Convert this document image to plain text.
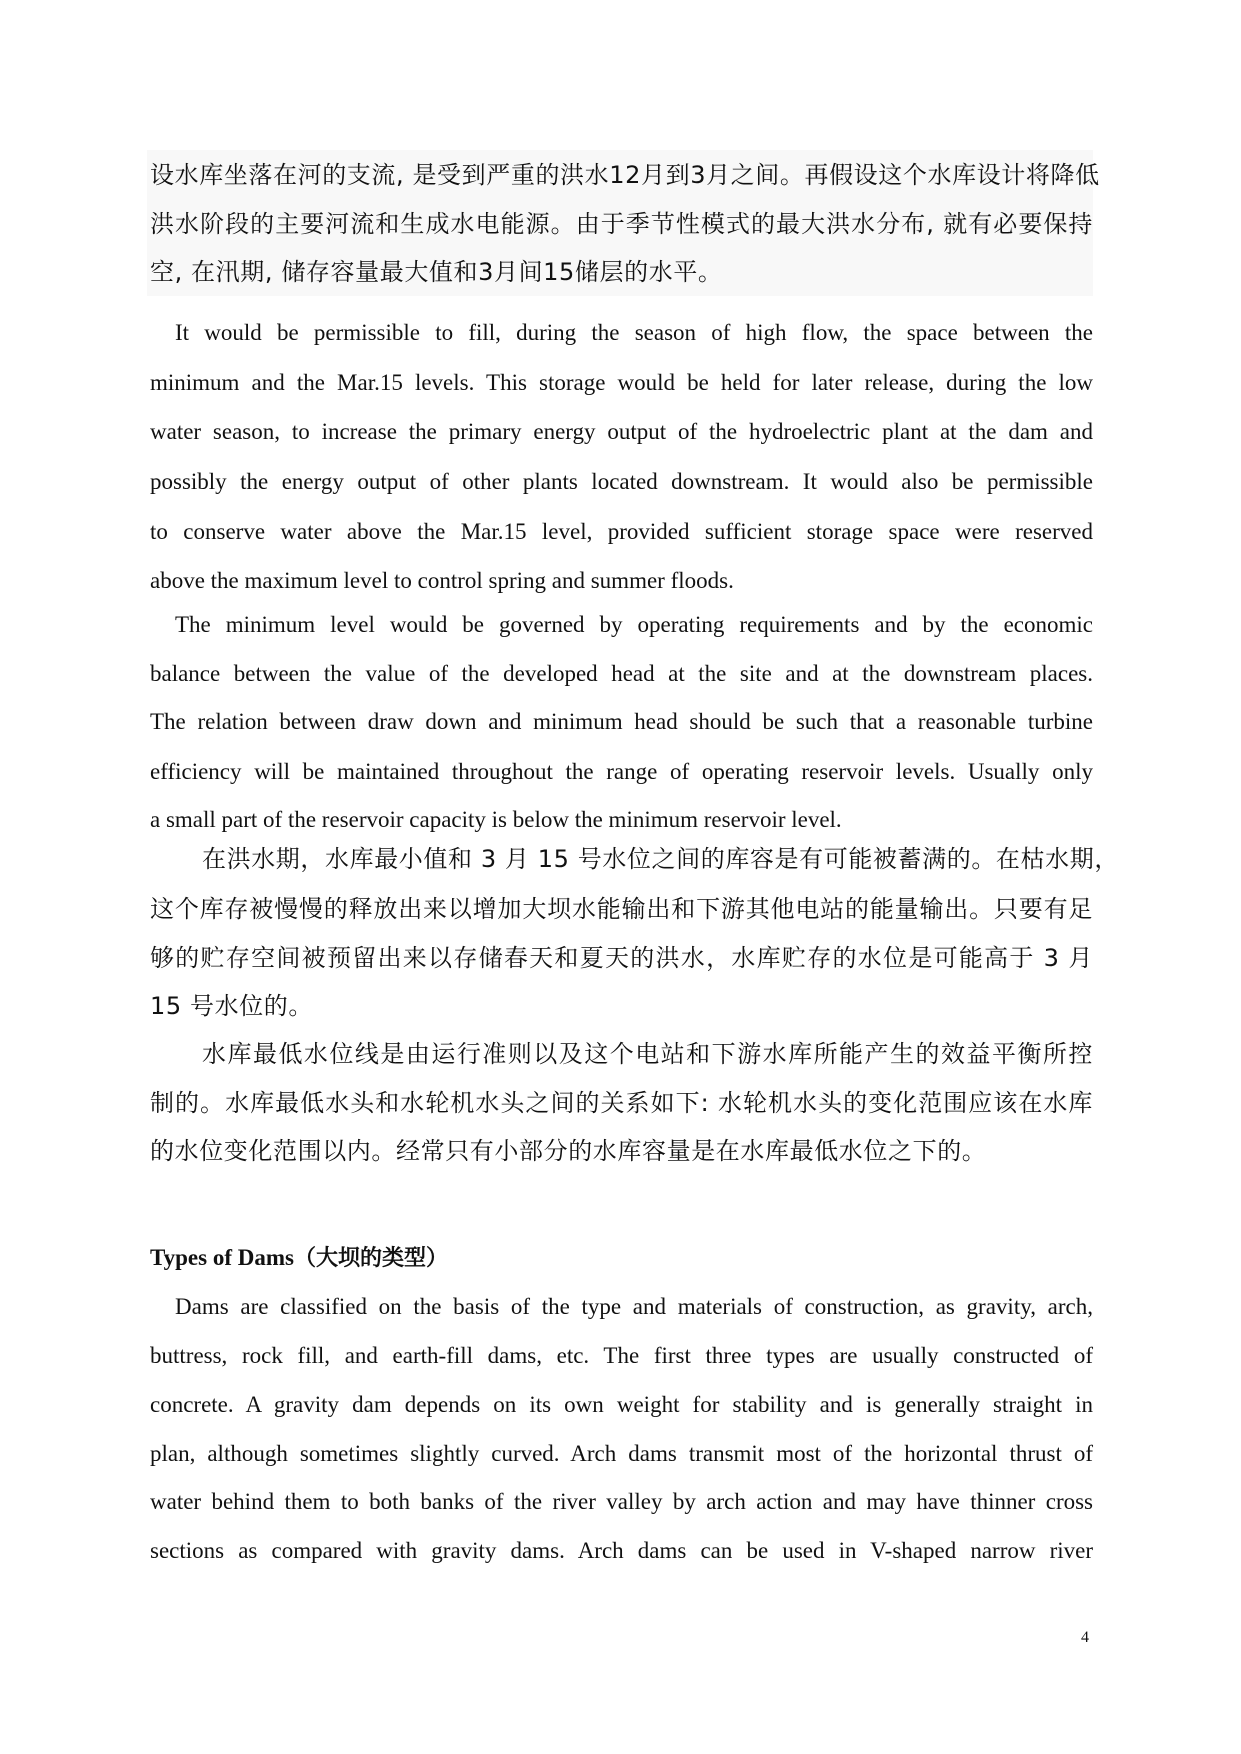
设水库坐落在河的支流, 是受到严重的洪水12月到3月之间。再假设这个水库设计将降低
洪水阶段的主要河流和生成水电能源。由于季节性模式的最大洪水分布, 就有必要保持
空, 在汛期, 储存容量最大值和3月间15储层的水平。
It would be permissible to fill, during the season of high flow, the space between the
minimum and the Mar.15 levels. This storage would be held for later release, during the low
water season, to increase the primary energy output of the hydroelectric plant at the dam and
possibly the energy output of other plants located downstream. It would also be permissible
to conserve water above the Mar.15 level, provided sufficient storage space were reserved
above the maximum level to control spring and summer floods.
The minimum level would be governed by operating requirements and by the economic
balance between the value of the developed head at the site and at the downstream places.
The relation between draw down and minimum head should be such that a reasonable turbine
efficiency will be maintained throughout the range of operating reservoir levels. Usually only
a small part of the reservoir capacity is below the minimum reservoir level.
在洪水期，水库最小值和 3 月 15 号水位之间的库容是有可能被蓄满的。在枯水期，
这个库存被慢慢的释放出来以增加大坝水能输出和下游其他电站的能量输出。只要有足
够的贮存空间被预留出来以存储春天和夏天的洪水，水库贮存的水位是可能高于 3 月
15 号水位的。
水库最低水位线是由运行准则以及这个电站和下游水库所能产生的效益平衡所控
制的。水库最低水头和水轮机水头之间的关系如下: 水轮机水头的变化范围应该在水库
的水位变化范围以内。经常只有小部分的水库容量是在水库最低水位之下的。
Types of Dams（大坝的类型）
Dams are classified on the basis of the type and materials of construction, as gravity, arch,
buttress, rock fill, and earth-fill dams, etc. The first three types are usually constructed of
concrete. A gravity dam depends on its own weight for stability and is generally straight in
plan, although sometimes slightly curved. Arch dams transmit most of the horizontal thrust of
water behind them to both banks of the river valley by arch action and may have thinner cross
sections as compared with gravity dams. Arch dams can be used in V-shaped narrow river
4
